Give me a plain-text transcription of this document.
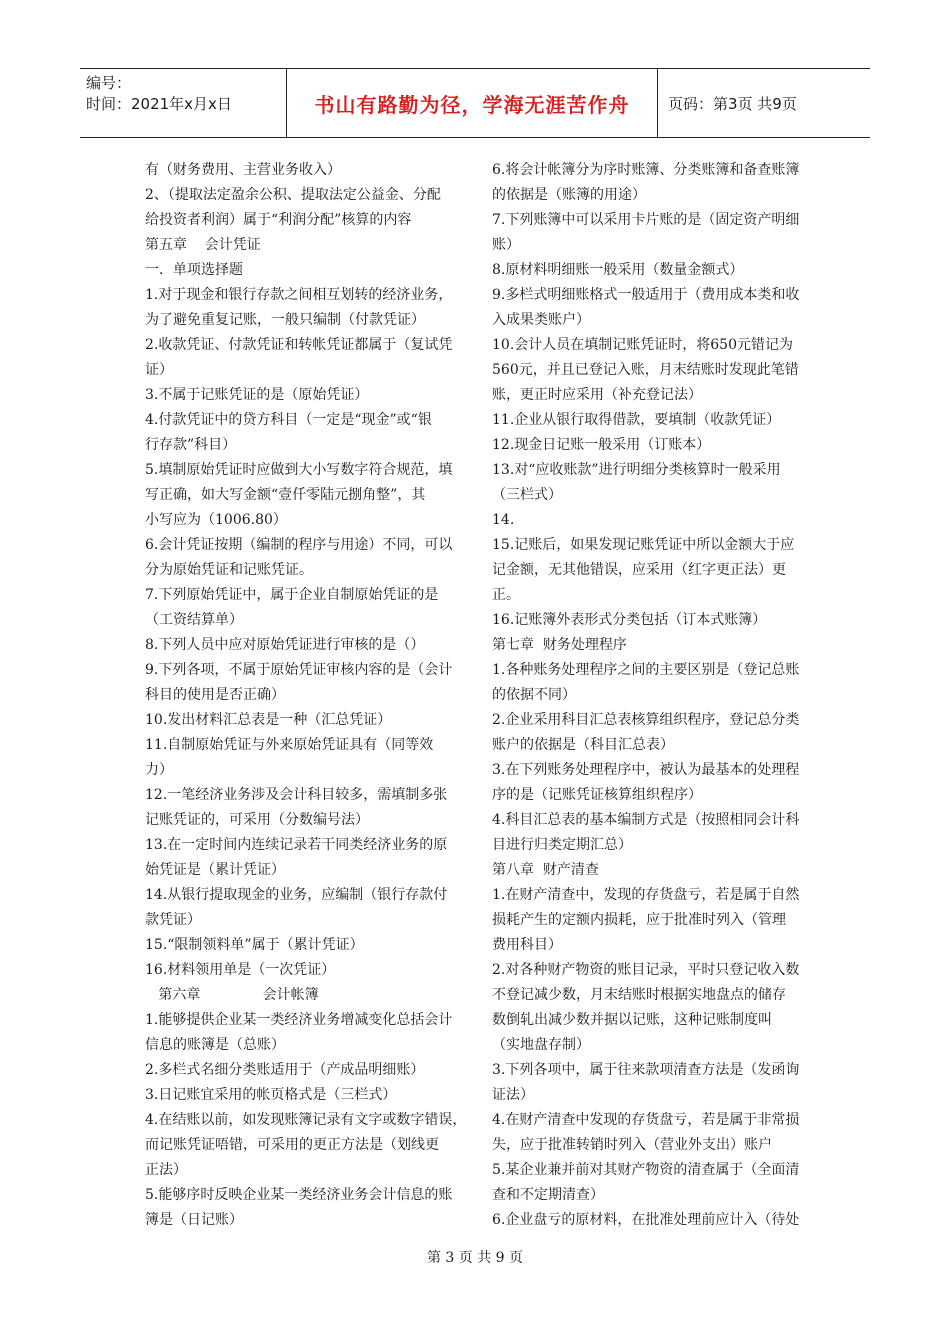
编号：
时间：2021年x月x日	书山有路勤为径，学海无涯苦作舟	页码：第3页 共9页
有（财务费用、主营业务收入）
2、（提取法定盈余公积、提取法定公益金、分配
给投资者利润）属于“利润分配”核算的内容
第五章    会计凭证
一．单项选择题
1.对于现金和银行存款之间相互划转的经济业务，
为了避免重复记账，一般只编制（付款凭证）
2.收款凭证、付款凭证和转帐凭证都属于（复试凭
证）
3.不属于记账凭证的是（原始凭证）
4.付款凭证中的贷方科目（一定是“现金”或“银
行存款”科目）
5.填制原始凭证时应做到大小写数字符合规范，填
写正确，如大写金额“壹仟零陆元捌角整”，其
小写应为（1006.80）
6.会计凭证按期（编制的程序与用途）不同，可以
分为原始凭证和记账凭证。
7.下列原始凭证中，属于企业自制原始凭证的是
（工资结算单）
8.下列人员中应对原始凭证进行审核的是（）
9.下列各项，不属于原始凭证审核内容的是（会计
科目的使用是否正确）
10.发出材料汇总表是一种（汇总凭证）
11.自制原始凭证与外来原始凭证具有（同等效
力）
12.一笔经济业务涉及会计科目较多，需填制多张
记账凭证的，可采用（分数编号法）
13.在一定时间内连续记录若干同类经济业务的原
始凭证是（累计凭证）
14.从银行提取现金的业务，应编制（银行存款付
款凭证）
15.“限制领料单”属于（累计凭证）
16.材料领用单是（一次凭证）
第六章              会计帐簿
1.能够提供企业某一类经济业务增减变化总括会计
信息的账簿是（总账）
2.多栏式名细分类账适用于（产成品明细账）
3.日记账宜采用的帐页格式是（三栏式）
4.在结账以前，如发现账簿记录有文字或数字错误，
而记账凭证唔错，可采用的更正方法是（划线更
正法）
5.能够序时反映企业某一类经济业务会计信息的账
簿是（日记账）
6.将会计帐簿分为序时账簿、分类账簿和备查账簿
的依据是（账簿的用途）
7.下列账簿中可以采用卡片账的是（固定资产明细
账）
8.原材料明细账一般采用（数量金额式）
9.多栏式明细账格式一般适用于（费用成本类和收
入成果类账户）
10.会计人员在填制记账凭证时，将650元错记为
560元，并且已登记入账，月末结账时发现此笔错
账，更正时应采用（补充登记法）
11.企业从银行取得借款，要填制（收款凭证）
12.现金日记账一般采用（订账本）
13.对“应收账款”进行明细分类核算时一般采用
（三栏式）
14.
15.记账后，如果发现记账凭证中所以金额大于应
记金额，无其他错误，应采用（红字更正法）更
正。
16.记账簿外表形式分类包括（订本式账簿）
第七章  财务处理程序
1.各种账务处理程序之间的主要区别是（登记总账
的依据不同）
2.企业采用科目汇总表核算组织程序，登记总分类
账户的依据是（科目汇总表）
3.在下列账务处理程序中，被认为最基本的处理程
序的是（记账凭证核算组织程序）
4.科目汇总表的基本编制方式是（按照相同会计科
目进行归类定期汇总）
第八章  财产清查
1.在财产清查中，发现的存货盘亏，若是属于自然
损耗产生的定额内损耗，应于批准时列入（管理
费用科目）
2.对各种财产物资的账目记录，平时只登记收入数
不登记减少数，月末结账时根据实地盘点的储存
数倒轧出减少数并据以记账，这种记账制度叫
（实地盘存制）
3.下列各项中，属于往来款项清查方法是（发函询
证法）
4.在财产清查中发现的存货盘亏，若是属于非常损
失，应于批准转销时列入（营业外支出）账户
5.某企业兼并前对其财产物资的清查属于（全面清
查和不定期清查）
6.企业盘亏的原材料，在批准处理前应计入（待处
第 3 页 共 9 页
